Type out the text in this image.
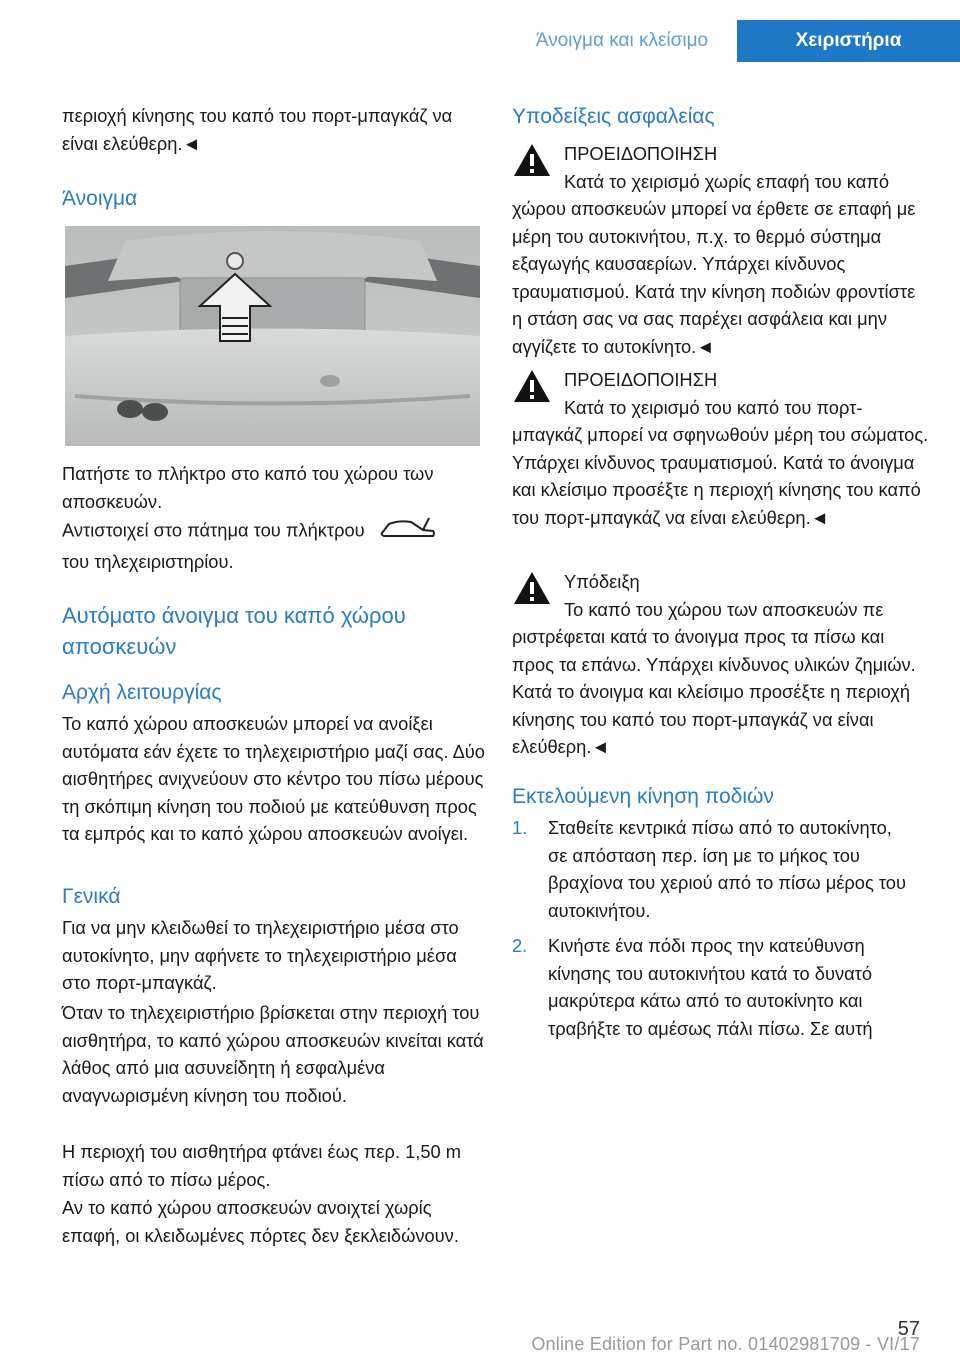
Άνοιγμα και κλείσιμο	Χειριστήρια

περιοχή κίνησης του καπό του πορτ-μπαγκάζ να είναι ελεύθερη.◄

Άνοιγμα

Πατήστε το πλήκτρο στο καπό του χώρου των αποσκευών.

Αντιστοιχεί στο πάτημα του πλήκτρου
του τηλεχειριστηρίου.

Αυτόματο άνοιγμα του καπό χώρου αποσκευών

Αρχή λειτουργίας

Το καπό χώρου αποσκευών μπορεί να ανοίξει αυτόματα εάν έχετε το τηλεχειριστήριο μαζί σας. Δύο αισθητήρες ανιχνεύουν στο κέντρο του πίσω μέρους τη σκόπιμη κίνηση του ποδιού με κατεύθυνση προς τα εμπρός και το καπό χώρου αποσκευών ανοίγει.

Γενικά

Για να μην κλειδωθεί το τηλεχειριστήριο μέσα στο αυτοκίνητο, μην αφήνετε το τηλεχειριστήριο μέσα στο πορτ-μπαγκάζ.

Όταν το τηλεχειριστήριο βρίσκεται στην περιοχή του αισθητήρα, το καπό χώρου αποσκευών κινείται κατά λάθος από μια ασυνείδητη ή εσφαλμένα αναγνωρισμένη κίνηση του ποδιού.

Η περιοχή του αισθητήρα φτάνει έως περ. 1,50 m πίσω από το πίσω μέρος.

Αν το καπό χώρου αποσκευών ανοιχτεί χωρίς επαφή, οι κλειδωμένες πόρτες δεν ξεκλειδώνουν.

Υποδείξεις ασφαλείας

ΠΡΟΕΙΔΟΠΟΙΗΣΗ

Κατά το χειρισμό χωρίς επαφή του καπό

χώρου αποσκευών μπορεί να έρθετε σε επαφή με μέρη του αυτοκινήτου, π.χ. το θερμό σύστημα εξαγωγής καυσαερίων. Υπάρχει κίνδυνος τραυματισμού. Κατά την κίνηση ποδιών φροντίστε η στάση σας να σας παρέχει ασφάλεια και μην αγγίζετε το αυτοκίνητο.◄

ΠΡΟΕΙΔΟΠΟΙΗΣΗ

Κατά το χειρισμό του καπό του πορτ-

μπαγκάζ μπορεί να σφηνωθούν μέρη του σώματος. Υπάρχει κίνδυνος τραυματισμού. Κατά το άνοιγμα και κλείσιμο προσέξτε η περιοχή κίνησης του καπό του πορτ-μπαγκάζ να είναι ελεύθερη.◄

Υπόδειξη

Το καπό του χώρου των αποσκευών πε

ριστρέφεται κατά το άνοιγμα προς τα πίσω και προς τα επάνω. Υπάρχει κίνδυνος υλικών ζημιών. Κατά το άνοιγμα και κλείσιμο προσέξτε η περιοχή κίνησης του καπό του πορτ-μπαγκάζ να είναι ελεύθερη.◄

Εκτελούμενη κίνηση ποδιών

1. Σταθείτε κεντρικά πίσω από το αυτοκίνητο, σε απόσταση περ. ίση με το μήκος του βραχίονα του χεριού από το πίσω μέρος του αυτοκινήτου.
2. Κινήστε ένα πόδι προς την κατεύθυνση κίνησης του αυτοκινήτου κατά το δυνατό μακρύτερα κάτω από το αυτοκίνητο και τραβήξτε το αμέσως πάλι πίσω. Σε αυτή
57
Online Edition for Part no. 01402981709 - VI/17
